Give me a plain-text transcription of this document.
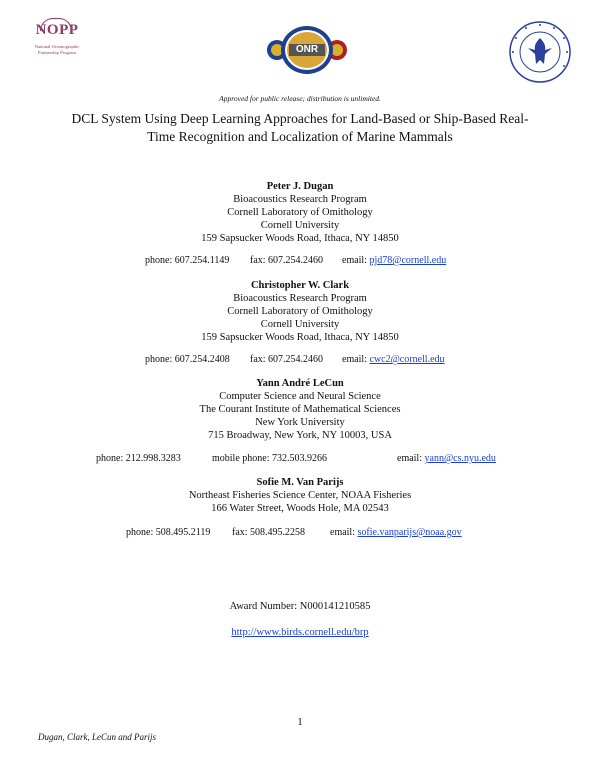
NOPP
National Oceanographic Partnership Program	ONR
Approved for public release; distribution is unlimited.
DCL System Using Deep Learning Approaches for Land-Based or Ship-Based Real-Time Recognition and Localization of Marine Mammals
Peter J. Dugan
Bioacoustics Research Program
Cornell Laboratory of Omithology
Cornell University
159 Sapsucker Woods Road, Ithaca, NY 14850
phone: 607.254.1149 fax: 607.254.2460 email: pjd78@cornell.edu
Christopher W. Clark
Bioacoustics Research Program
Cornell Laboratory of Omithology
Cornell University
159 Sapsucker Woods Road, Ithaca, NY 14850
phone: 607.254.2408 fax: 607.254.2460 email: cwc2@cornell.edu
Yann André LeCun
Computer Science and Neural Science
The Courant Institute of Mathematical Sciences
New York University
715 Broadway, New York, NY 10003, USA
phone: 212.998.3283	mobile phone: 732.503.9266	email: yann@cs.nyu.edu
Sofie M. Van Parijs
Northeast Fisheries Science Center, NOAA Fisheries
166 Water Street, Woods Hole, MA 02543
phone: 508.495.2119 fax: 508.495.2258 email: sofie.vanparijs@noaa.gov
Award Number: N000141210585
http://www.birds.cornell.edu/brp
1
Dugan, Clark, LeCun and Parijs
